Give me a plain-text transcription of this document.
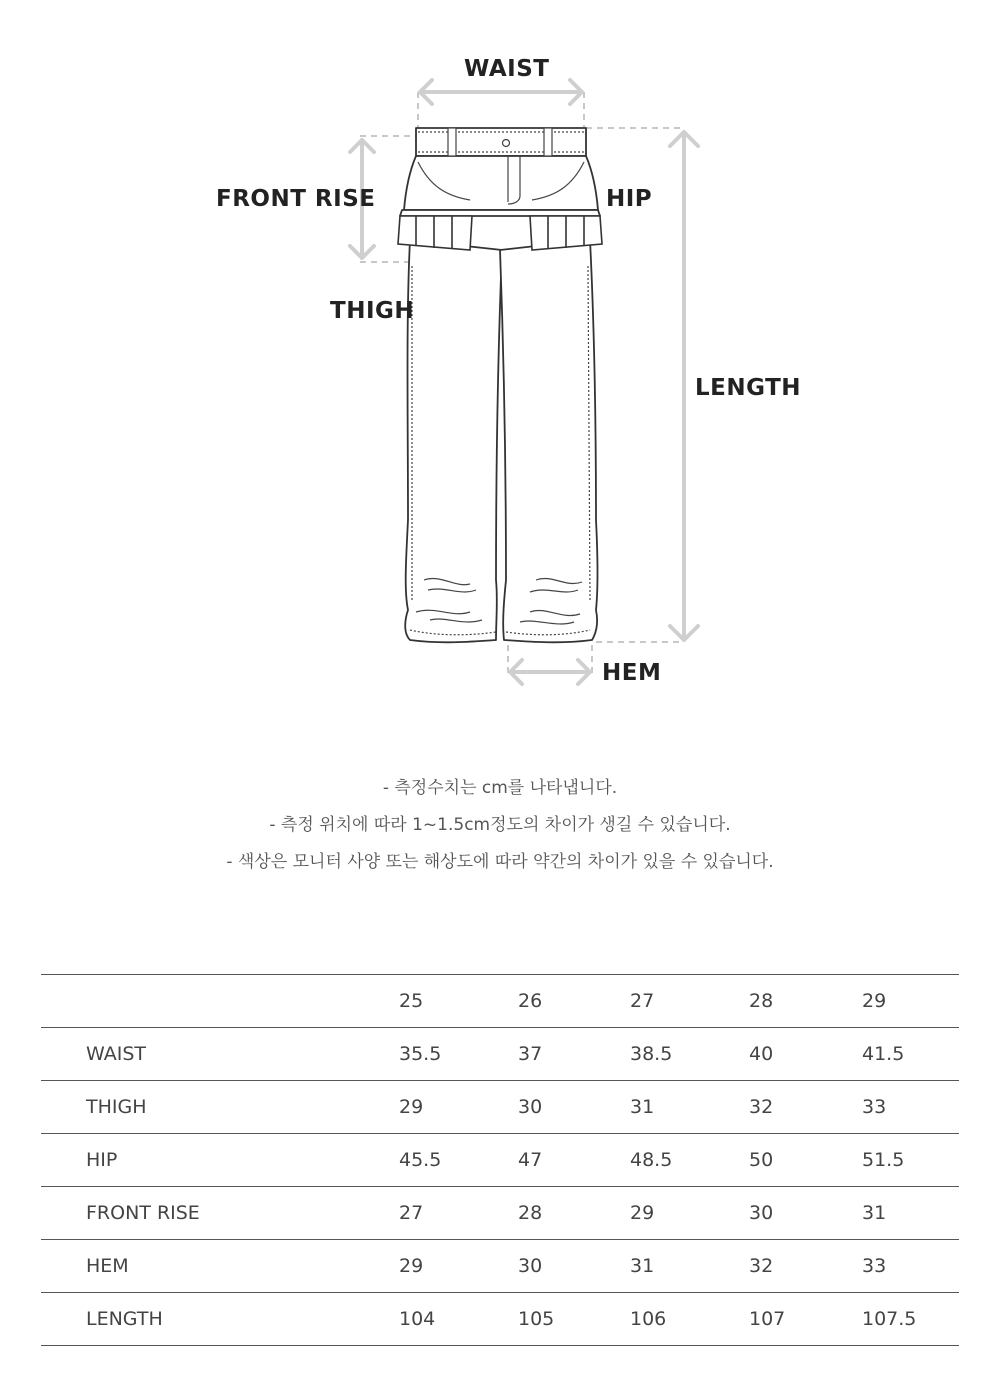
WAIST
FRONT RISE	HIP
THIGH
LENGTH
HEM
- 측정수치는 cm를 나타냅니다.
- 측정 위치에 따라 1~1.5cm정도의 차이가 생길 수 있습니다.
- 색상은 모니터 사양 또는 해상도에 따라 약간의 차이가 있을 수 있습니다.
	25	26	27	28	29
WAIST	35.5	37	38.5	40	41.5
THIGH	29	30	31	32	33
HIP	45.5	47	48.5	50	51.5
FRONT RISE	27	28	29	30	31
HEM	29	30	31	32	33
LENGTH	104	105	106	107	107.5
